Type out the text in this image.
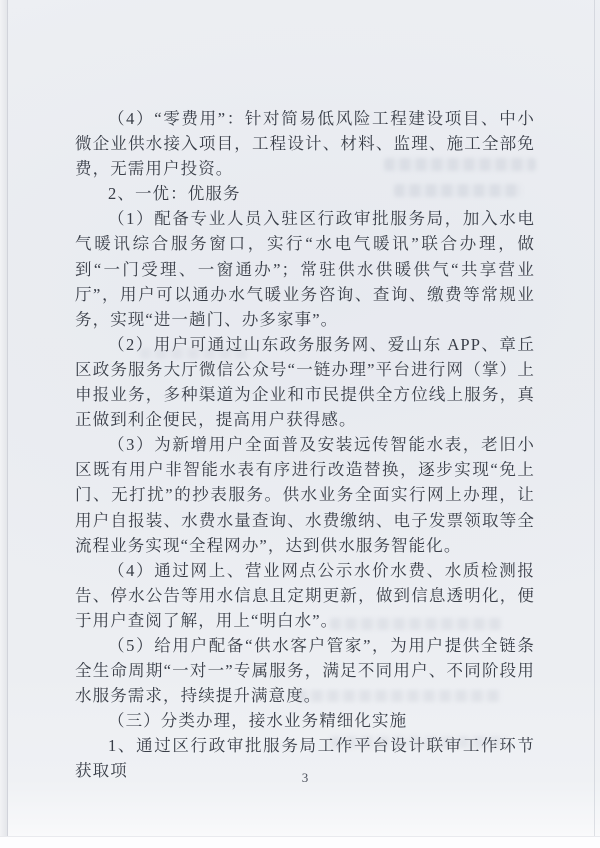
（4）“零费用”：针对简易低风险工程建设项目、中小微企业供水接入项目，工程设计、材料、监理、施工全部免费，无需用户投资。

2、一优：优服务

（1）配备专业人员入驻区行政审批服务局，加入水电气暖讯综合服务窗口，实行“水电气暖讯”联合办理，做到“一门受理、一窗通办”；常驻供水供暖供气“共享营业厅”，用户可以通办水气暖业务咨询、查询、缴费等常规业务，实现“进一趟门、办多家事”。

（2）用户可通过山东政务服务网、爱山东 APP、章丘区政务服务大厅微信公众号“一链办理”平台进行网（掌）上申报业务，多种渠道为企业和市民提供全方位线上服务，真正做到利企便民，提高用户获得感。

（3）为新增用户全面普及安装远传智能水表，老旧小区既有用户非智能水表有序进行改造替换，逐步实现“免上门、无打扰”的抄表服务。供水业务全面实行网上办理，让用户自报装、水费水量查询、水费缴纳、电子发票领取等全流程业务实现“全程网办”，达到供水服务智能化。

（4）通过网上、营业网点公示水价水费、水质检测报告、停水公告等用水信息且定期更新，做到信息透明化，便于用户查阅了解，用上“明白水”。

（5）给用户配备“供水客户管家”，为用户提供全链条全生命周期“一对一”专属服务，满足不同用户、不同阶段用水服务需求，持续提升满意度。

（三）分类办理，接水业务精细化实施

1、通过区行政审批服务局工作平台设计联审工作环节获取项	3
